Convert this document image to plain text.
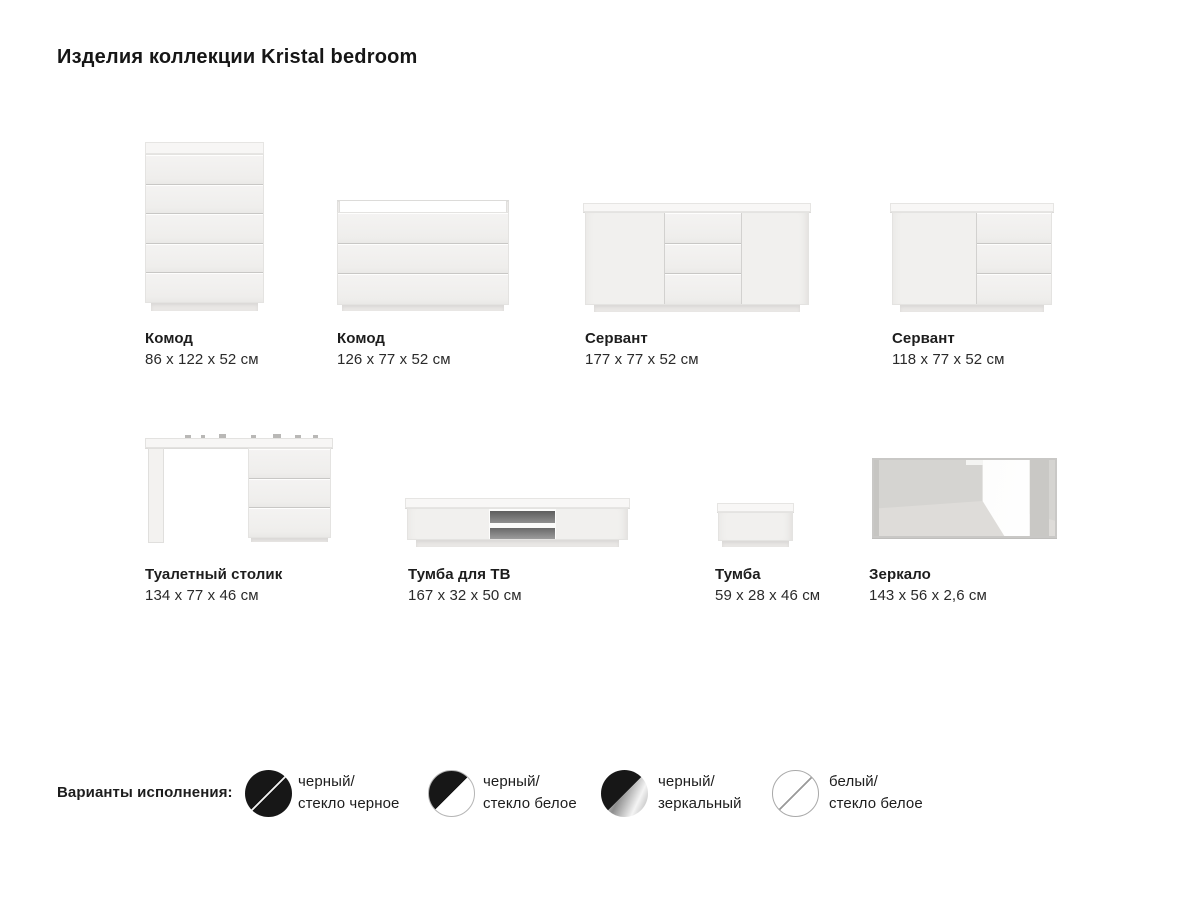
Изделия коллекции Kristal bedroom
Комод
86 x 122 x 52 см
Комод
126 x 77 x 52 см
Сервант
177 x 77 x 52 см
Сервант
118 x 77 x 52 см
Туалетный столик
134 x 77 x 46 см
Тумба для ТВ
167 x 32 x 50 см
Тумба
59 x 28 x 46 см
Зеркало
143 x 56 x 2,6 см
Варианты исполнения:
черный/
стекло черное
черный/
стекло белое
черный/
зеркальный
белый/
стекло белое
